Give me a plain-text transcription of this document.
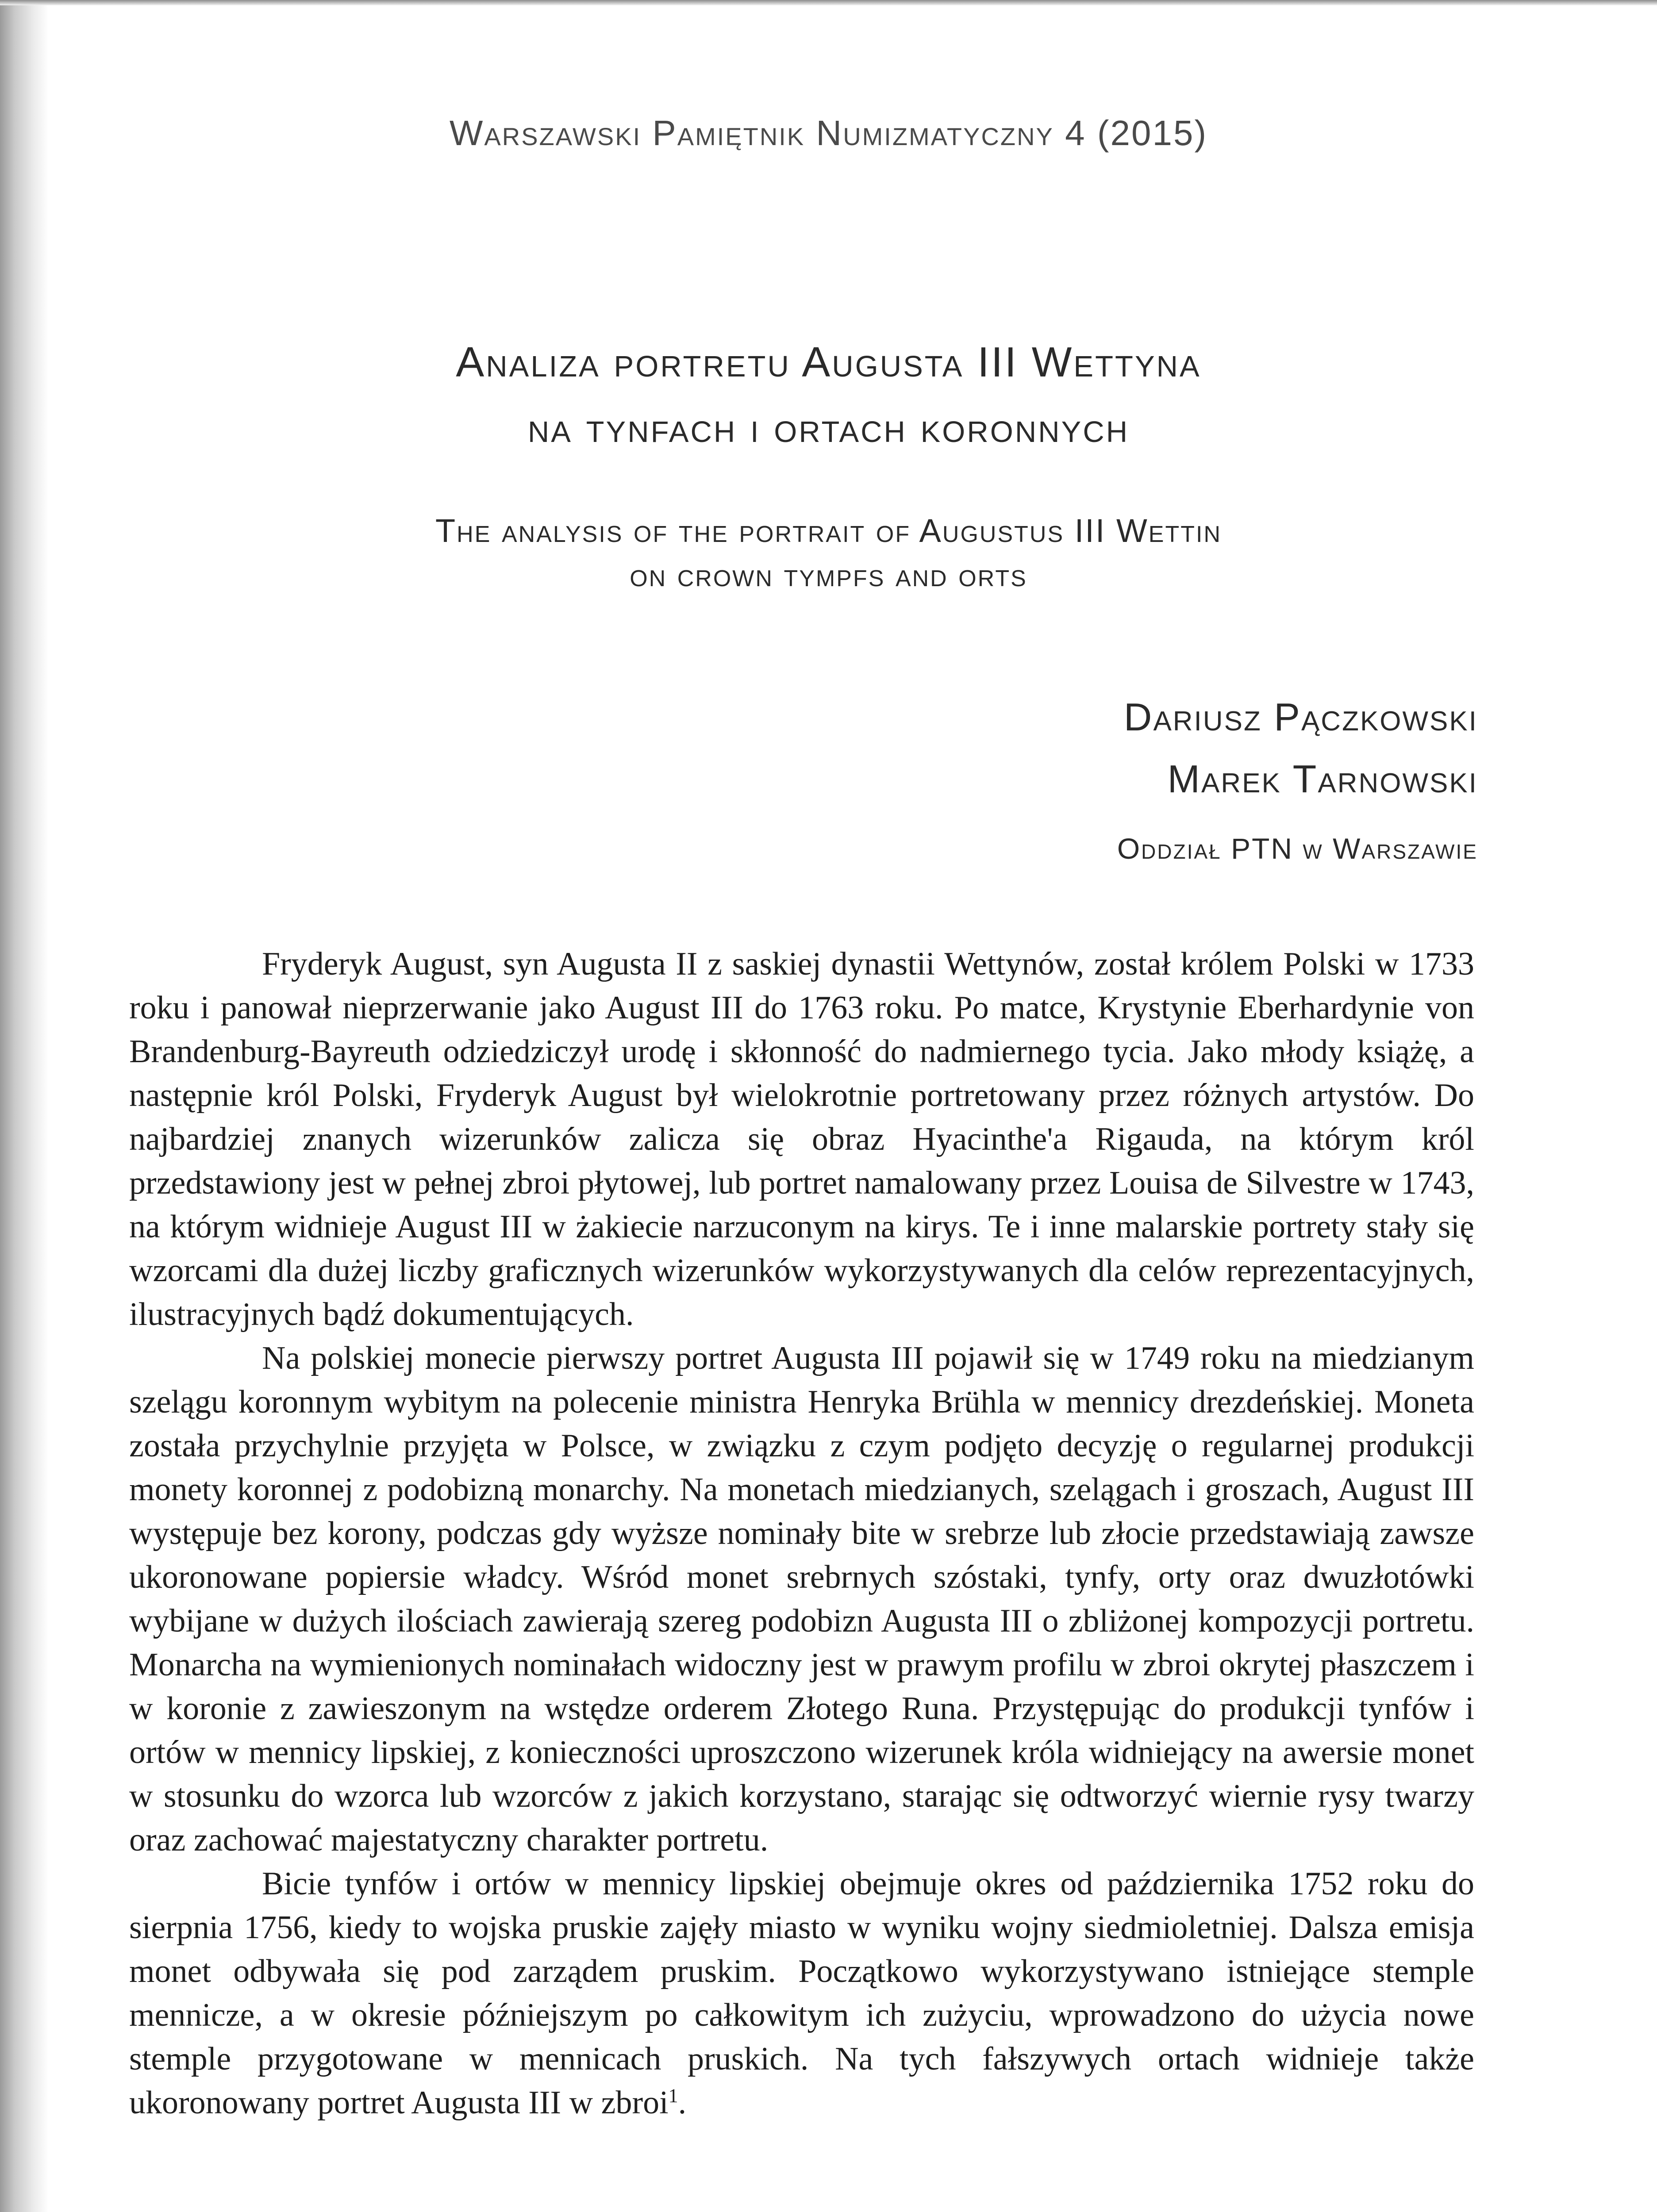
Warszawski Pamiętnik Numizmatyczny 4 (2015)
Analiza portretu Augusta III Wettyna
na tynfach i ortach koronnych
The analysis of the portrait of Augustus III Wettin
on crown tympfs and orts
Dariusz Pączkowski
Marek Tarnowski
Oddział PTN w Warszawie

Fryderyk August, syn Augusta II z saskiej dynastii Wettynów, został królem Polski w 1733 roku i panował nieprzerwanie jako August III do 1763 roku. Po matce, Krystynie Eberhardynie von Brandenburg-Bayreuth odziedziczył urodę i skłonność do nadmiernego tycia. Jako młody książę, a następnie król Polski, Fryderyk August był wielokrotnie portretowany przez różnych artystów. Do najbardziej znanych wizerunków zalicza się obraz Hyacinthe'a Rigauda, na którym król przedstawiony jest w pełnej zbroi płytowej, lub portret namalowany przez Louisa de Silvestre w 1743, na którym widnieje August III w żakiecie narzuconym na kirys. Te i inne malarskie portrety stały się wzorcami dla dużej liczby graficznych wizerunków wykorzystywanych dla celów reprezentacyjnych, ilustracyjnych bądź dokumentujących.

Na polskiej monecie pierwszy portret Augusta III pojawił się w 1749 roku na miedzianym szelągu koronnym wybitym na polecenie ministra Henryka Brühla w mennicy drezdeńskiej. Moneta została przychylnie przyjęta w Polsce, w związku z czym podjęto decyzję o regularnej produkcji monety koronnej z podobizną monarchy. Na monetach miedzianych, szelągach i groszach, August III występuje bez korony, podczas gdy wyższe nominały bite w srebrze lub złocie przedstawiają zawsze ukoronowane popiersie władcy. Wśród monet srebrnych szóstaki, tynfy, orty oraz dwuzłotówki wybijane w dużych ilościach zawierają szereg podobizn Augusta III o zbliżonej kompozycji portretu. Monarcha na wymienionych nominałach widoczny jest w prawym profilu w zbroi okrytej płaszczem i w koronie z zawieszonym na wstędze orderem Złotego Runa. Przystępując do produkcji tynfów i ortów w mennicy lipskiej, z konieczności uproszczono wizerunek króla widniejący na awersie monet w stosunku do wzorca lub wzorców z jakich korzystano, starając się odtworzyć wiernie rysy twarzy oraz zachować majestatyczny charakter portretu.

Bicie tynfów i ortów w mennicy lipskiej obejmuje okres od października 1752 roku do sierpnia 1756, kiedy to wojska pruskie zajęły miasto w wyniku wojny siedmioletniej. Dalsza emisja monet odbywała się pod zarządem pruskim. Początkowo wykorzystywano istniejące stemple mennicze, a w okresie późniejszym po całkowitym ich zużyciu, wprowadzono do użycia nowe stemple przygotowane w mennicach pruskich. Na tych fałszywych ortach widnieje także ukoronowany portret Augusta III w zbroi$^1$.
